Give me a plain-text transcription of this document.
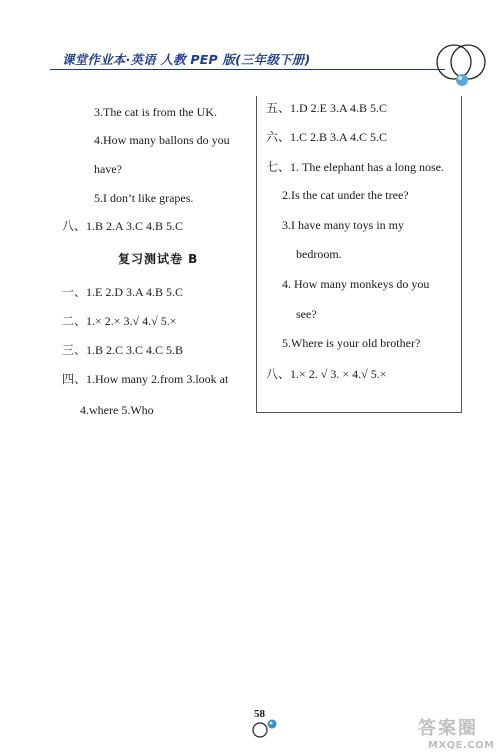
课堂作业本·英语 人教 PEP 版(三年级下册)
3.The cat is from the UK.
4.How many ballons do you
have?
5.I don’t like grapes.
八、1.B 2.A 3.C 4.B 5.C
复习测试卷 B
一、1.E 2.D 3.A 4.B 5.C
二、1.× 2.× 3.√ 4.√ 5.×
三、1.B 2.C 3.C 4.C 5.B
四、1.How many 2.from 3.look at
4.where 5.Who
五、1.D 2.E 3.A 4.B 5.C
六、1.C 2.B 3.A 4.C 5.C
七、1. The elephant has a long nose.
2.Is the cat under the tree?
3.I have many toys in my
bedroom.
4. How many monkeys do you
see?
5.Where is your old brother?
八、1.× 2. √ 3. × 4.√ 5.×
58
答案圈
MXQE.COM
